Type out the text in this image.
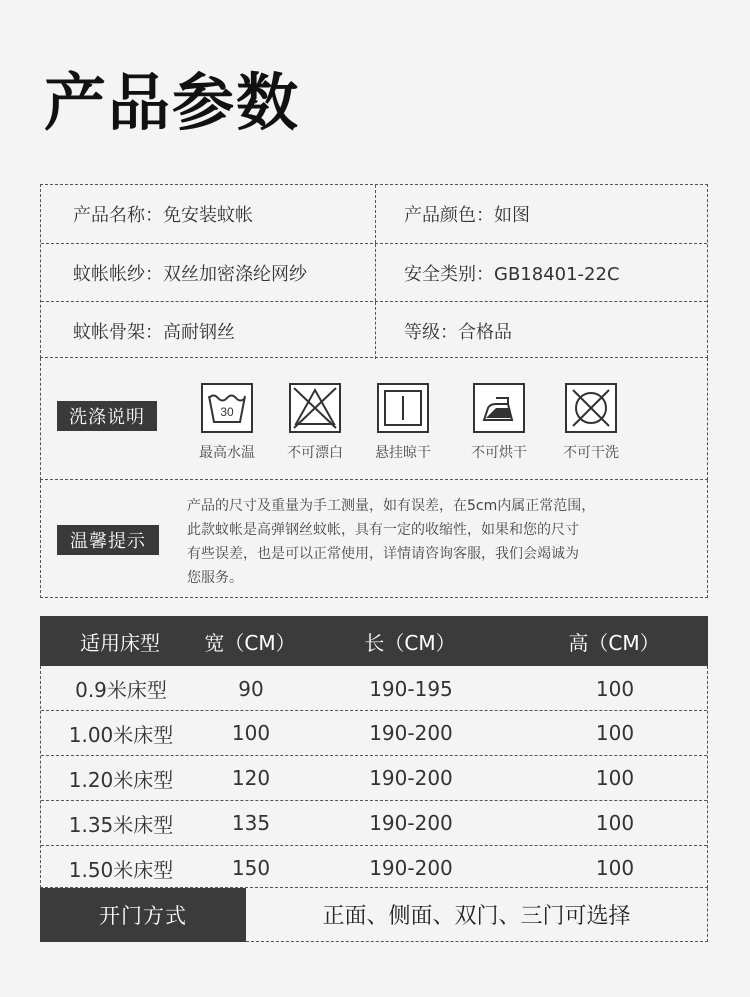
产品参数
产品名称：免安装蚊帐	产品颜色：如图
蚊帐帐纱：双丝加密涤纶网纱	安全类别：GB18401-22C
蚊帐骨架：高耐钢丝	等级：合格品
洗涤说明	30
最高水温	不可漂白	悬挂晾干	不可烘干	不可干洗
温馨提示
产品的尺寸及重量为手工测量，如有误差，在5cm内属正常范围，
此款蚊帐是高弹钢丝蚊帐，具有一定的收缩性，如果和您的尺寸
有些误差，也是可以正常使用，详情请咨询客服，我们会竭诚为
您服务。
适用床型	宽（CM）	长（CM）	高（CM）
0.9米床型	90	190-195	100
1.00米床型	100	190-200	100
1.20米床型	120	190-200	100
1.35米床型	135	190-200	100
1.50米床型	150	190-200	100
开门方式	正面、侧面、双门、三门可选择
